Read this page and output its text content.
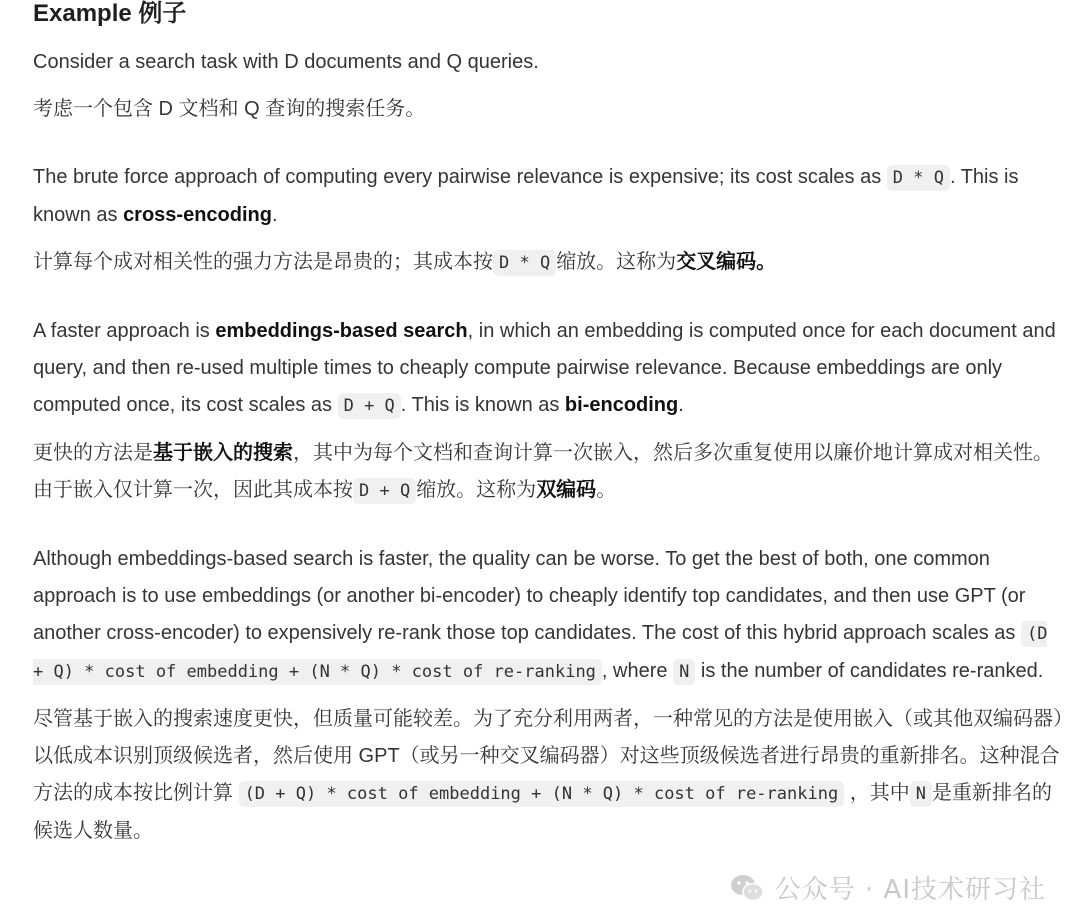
Example 例子

Consider a search task with D documents and Q queries.

考虑一个包含 D 文档和 Q 查询的搜索任务。

The brute force approach of computing every pairwise relevance is expensive; its cost scales as D * Q . This is known as cross-encoding.

计算每个成对相关性的强力方法是昂贵的；其成本按 D * Q 缩放。这称为交叉编码。

A faster approach is embeddings-based search, in which an embedding is computed once for each document and query, and then re-used multiple times to cheaply compute pairwise relevance. Because embeddings are only computed once, its cost scales as D + Q . This is known as bi-encoding.

更快的方法是基于嵌入的搜索，其中为每个文档和查询计算一次嵌入，然后多次重复使用以廉价地计算成对相关性。由于嵌入仅计算一次，因此其成本按 D + Q 缩放。这称为双编码。

Although embeddings-based search is faster, the quality can be worse. To get the best of both, one common approach is to use embeddings (or another bi-encoder) to cheaply identify top candidates, and then use GPT (or another cross-encoder) to expensively re-rank those top candidates. The cost of this hybrid approach scales as (D + Q) * cost of embedding + (N * Q) * cost of re-ranking , where N is the number of candidates re-ranked.

尽管基于嵌入的搜索速度更快，但质量可能较差。为了充分利用两者，一种常见的方法是使用嵌入（或其他双编码器）以低成本识别顶级候选者，然后使用 GPT（或另一种交叉编码器）对这些顶级候选者进行昂贵的重新排名。这种混合方法的成本按比例计算 (D + Q) * cost of embedding + (N * Q) * cost of re-ranking ，其中 N 是重新排名的候选人数量。

公众号 · AI技术研习社
